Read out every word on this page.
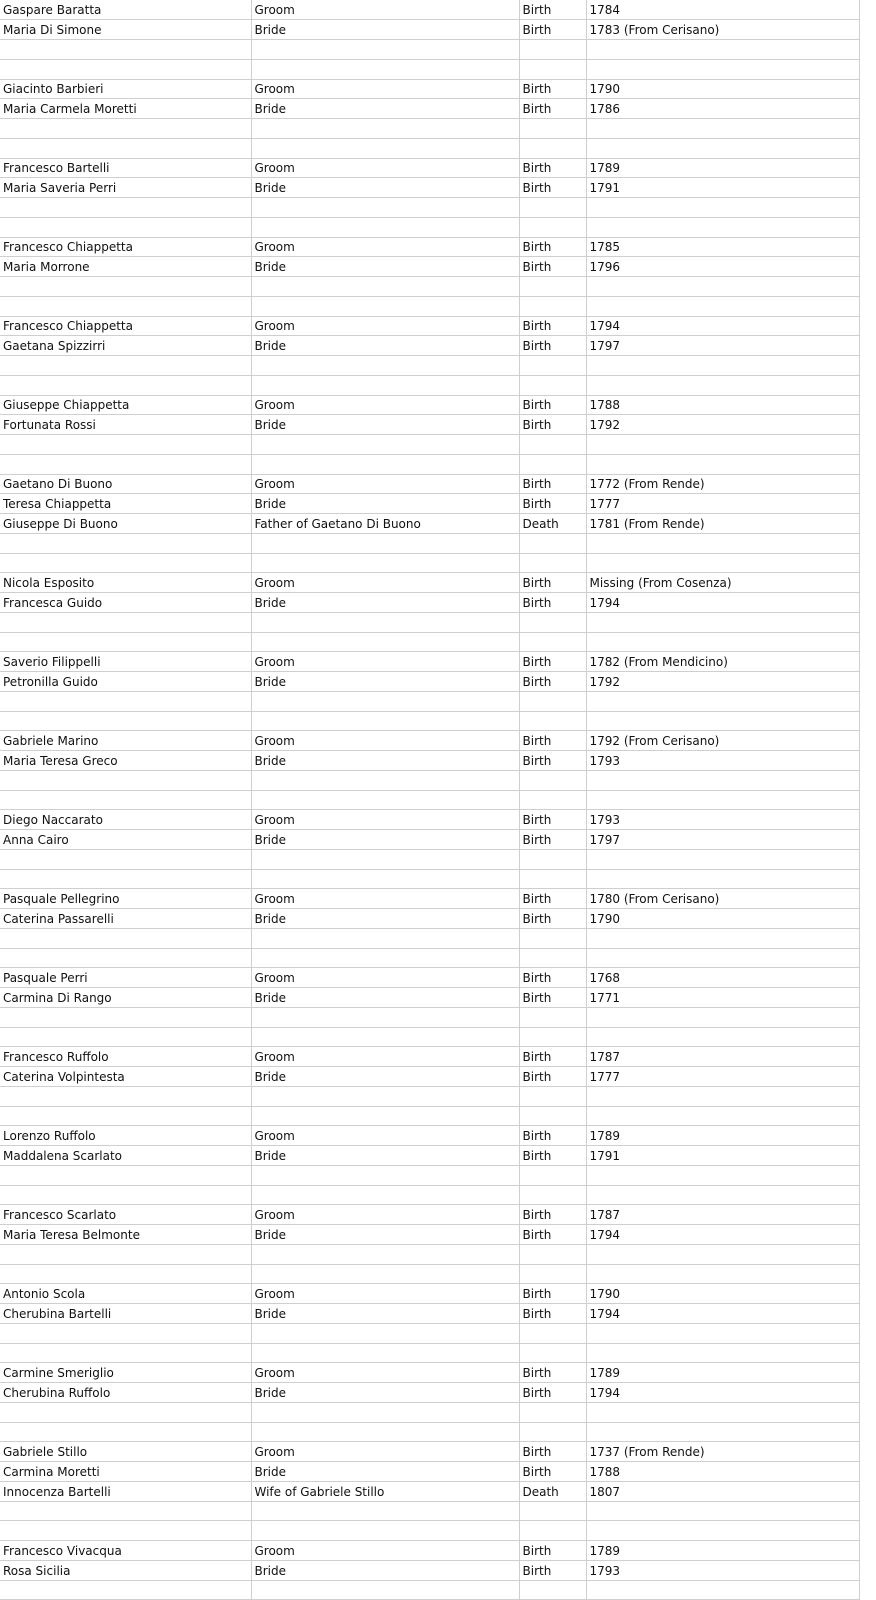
Gaspare Baratta	Groom	Birth	1784
Maria Di Simone	Bride	Birth	1783 (From Cerisano)

Giacinto Barbieri	Groom	Birth	1790
Maria Carmela Moretti	Bride	Birth	1786

Francesco Bartelli	Groom	Birth	1789
Maria Saveria Perri	Bride	Birth	1791

Francesco Chiappetta	Groom	Birth	1785
Maria Morrone	Bride	Birth	1796

Francesco Chiappetta	Groom	Birth	1794
Gaetana Spizzirri	Bride	Birth	1797

Giuseppe Chiappetta	Groom	Birth	1788
Fortunata Rossi	Bride	Birth	1792

Gaetano Di Buono	Groom	Birth	1772 (From Rende)
Teresa Chiappetta	Bride	Birth	1777
Giuseppe Di Buono	Father of Gaetano Di Buono	Death	1781 (From Rende)

Nicola Esposito	Groom	Birth	Missing (From Cosenza)
Francesca Guido	Bride	Birth	1794

Saverio Filippelli	Groom	Birth	1782 (From Mendicino)
Petronilla Guido	Bride	Birth	1792

Gabriele Marino	Groom	Birth	1792 (From Cerisano)
Maria Teresa Greco	Bride	Birth	1793

Diego Naccarato	Groom	Birth	1793
Anna Cairo	Bride	Birth	1797

Pasquale Pellegrino	Groom	Birth	1780 (From Cerisano)
Caterina Passarelli	Bride	Birth	1790

Pasquale Perri	Groom	Birth	1768
Carmina Di Rango	Bride	Birth	1771

Francesco Ruffolo	Groom	Birth	1787
Caterina Volpintesta	Bride	Birth	1777

Lorenzo Ruffolo	Groom	Birth	1789
Maddalena Scarlato	Bride	Birth	1791

Francesco Scarlato	Groom	Birth	1787
Maria Teresa Belmonte	Bride	Birth	1794

Antonio Scola	Groom	Birth	1790
Cherubina Bartelli	Bride	Birth	1794

Carmine Smeriglio	Groom	Birth	1789
Cherubina Ruffolo	Bride	Birth	1794

Gabriele Stillo	Groom	Birth	1737 (From Rende)
Carmina Moretti	Bride	Birth	1788
Innocenza Bartelli	Wife of Gabriele Stillo	Death	1807

Francesco Vivacqua	Groom	Birth	1789
Rosa Sicilia	Bride	Birth	1793
